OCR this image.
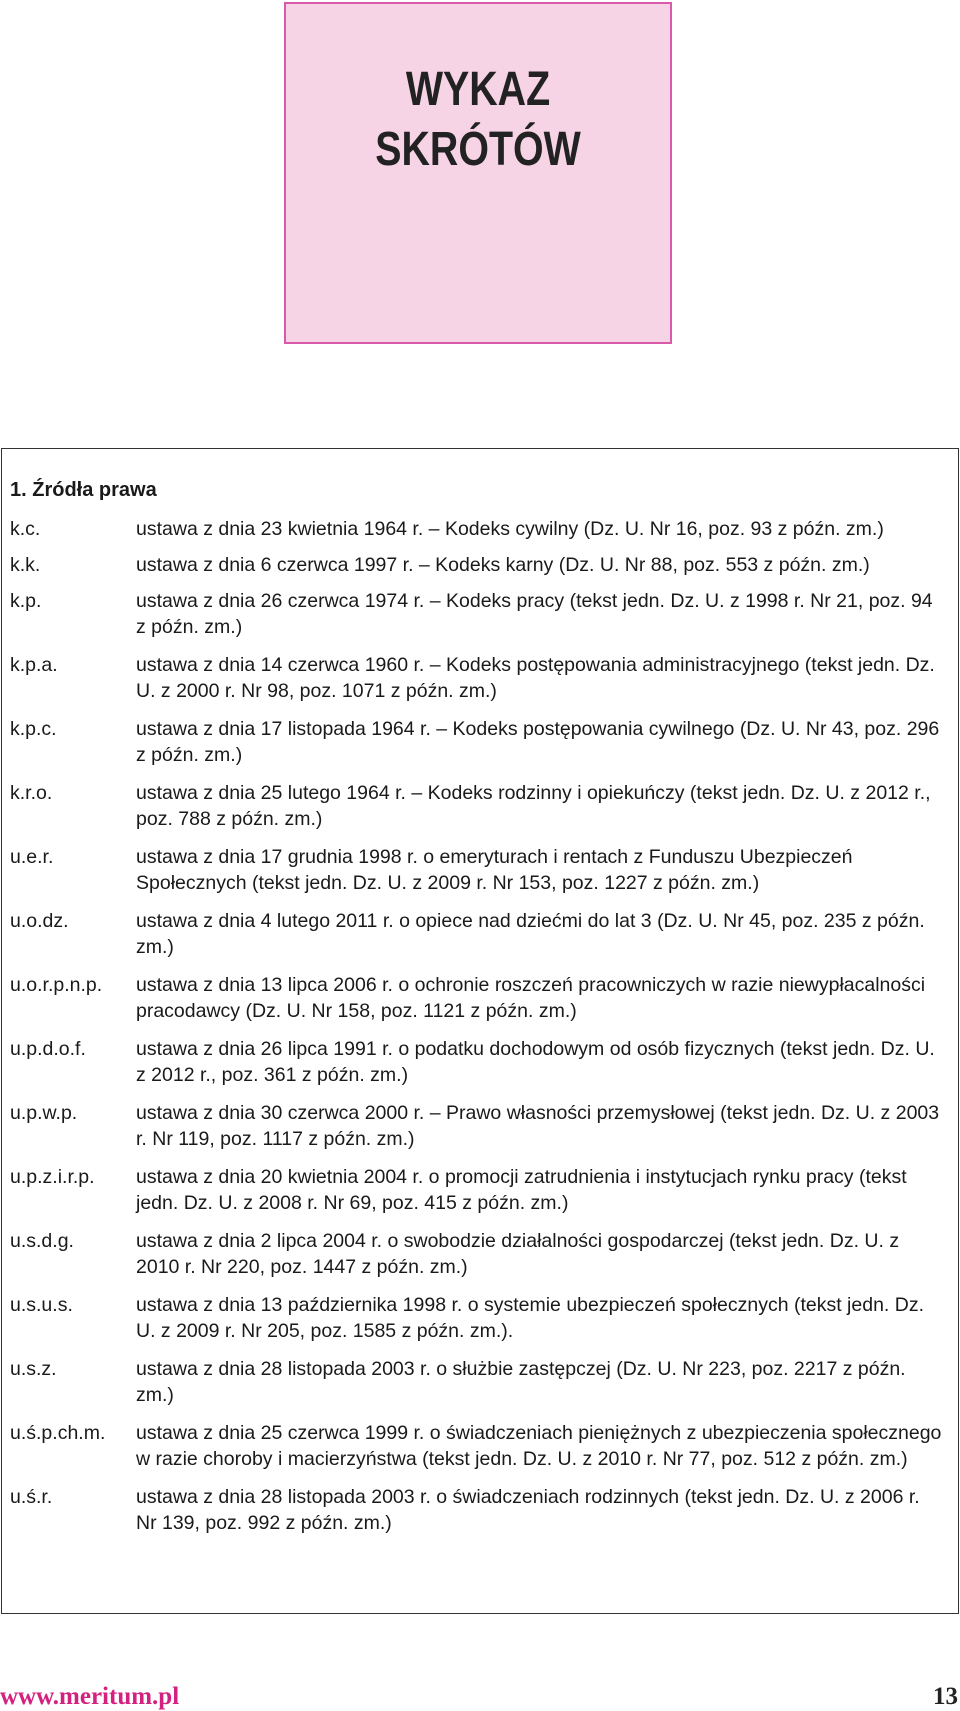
WYKAZ
SKRÓTÓW
1. Źródła prawa
k.c.	ustawa z dnia 23 kwietnia 1964 r. – Kodeks cywilny (Dz. U. Nr 16, poz. 93 z późn. zm.)
k.k.	ustawa z dnia 6 czerwca 1997 r. – Kodeks karny (Dz. U. Nr 88, poz. 553 z późn. zm.)
k.p.	ustawa z dnia 26 czerwca 1974 r. – Kodeks pracy (tekst jedn. Dz. U. z 1998 r. Nr 21, poz. 94 z późn. zm.)
k.p.a.	ustawa z dnia 14 czerwca 1960 r. – Kodeks postępowania administracyjnego (tekst jedn. Dz. U. z 2000 r. Nr 98, poz. 1071 z późn. zm.)
k.p.c.	ustawa z dnia 17 listopada 1964 r. – Kodeks postępowania cywilnego (Dz. U. Nr 43, poz. 296 z późn. zm.)
k.r.o.	ustawa z dnia 25 lutego 1964 r. – Kodeks rodzinny i opiekuńczy (tekst jedn. Dz. U. z 2012 r., poz. 788 z późn. zm.)
u.e.r.	ustawa z dnia 17 grudnia 1998 r. o emeryturach i rentach z Funduszu Ubezpieczeń Społecznych (tekst jedn. Dz. U. z 2009 r. Nr 153, poz. 1227 z późn. zm.)
u.o.dz.	ustawa z dnia 4 lutego 2011 r. o opiece nad dziećmi do lat 3 (Dz. U. Nr 45, poz. 235 z późn. zm.)
u.o.r.p.n.p.	ustawa z dnia 13 lipca 2006 r. o ochronie roszczeń pracowniczych w razie niewypłacalności pracodawcy (Dz. U. Nr 158, poz. 1121 z późn. zm.)
u.p.d.o.f.	ustawa z dnia 26 lipca 1991 r. o podatku dochodowym od osób fizycznych (tekst jedn. Dz. U. z 2012 r., poz. 361 z późn. zm.)
u.p.w.p.	ustawa z dnia 30 czerwca 2000 r. – Prawo własności przemysłowej (tekst jedn. Dz. U. z 2003 r. Nr 119, poz. 1117 z późn. zm.)
u.p.z.i.r.p.	ustawa z dnia 20 kwietnia 2004 r. o promocji zatrudnienia i instytucjach rynku pracy (tekst jedn. Dz. U. z 2008 r. Nr 69, poz. 415 z późn. zm.)
u.s.d.g.	ustawa z dnia 2 lipca 2004 r. o swobodzie działalności gospodarczej (tekst jedn. Dz. U. z 2010 r. Nr 220, poz. 1447 z późn. zm.)
u.s.u.s.	ustawa z dnia 13 października 1998 r. o systemie ubezpieczeń społecznych (tekst jedn. Dz. U. z 2009 r. Nr 205, poz. 1585 z późn. zm.).
u.s.z.	ustawa z dnia 28 listopada 2003 r. o służbie zastępczej (Dz. U. Nr 223, poz. 2217 z późn. zm.)
u.ś.p.ch.m.	ustawa z dnia 25 czerwca 1999 r. o świadczeniach pieniężnych z ubezpieczenia społecznego w razie choroby i macierzyństwa (tekst jedn. Dz. U. z 2010 r. Nr 77, poz. 512 z późn. zm.)
u.ś.r.	ustawa z dnia 28 listopada 2003 r. o świadczeniach rodzinnych (tekst jedn. Dz. U. z 2006 r. Nr 139, poz. 992 z późn. zm.)
www.meritum.pl	13
